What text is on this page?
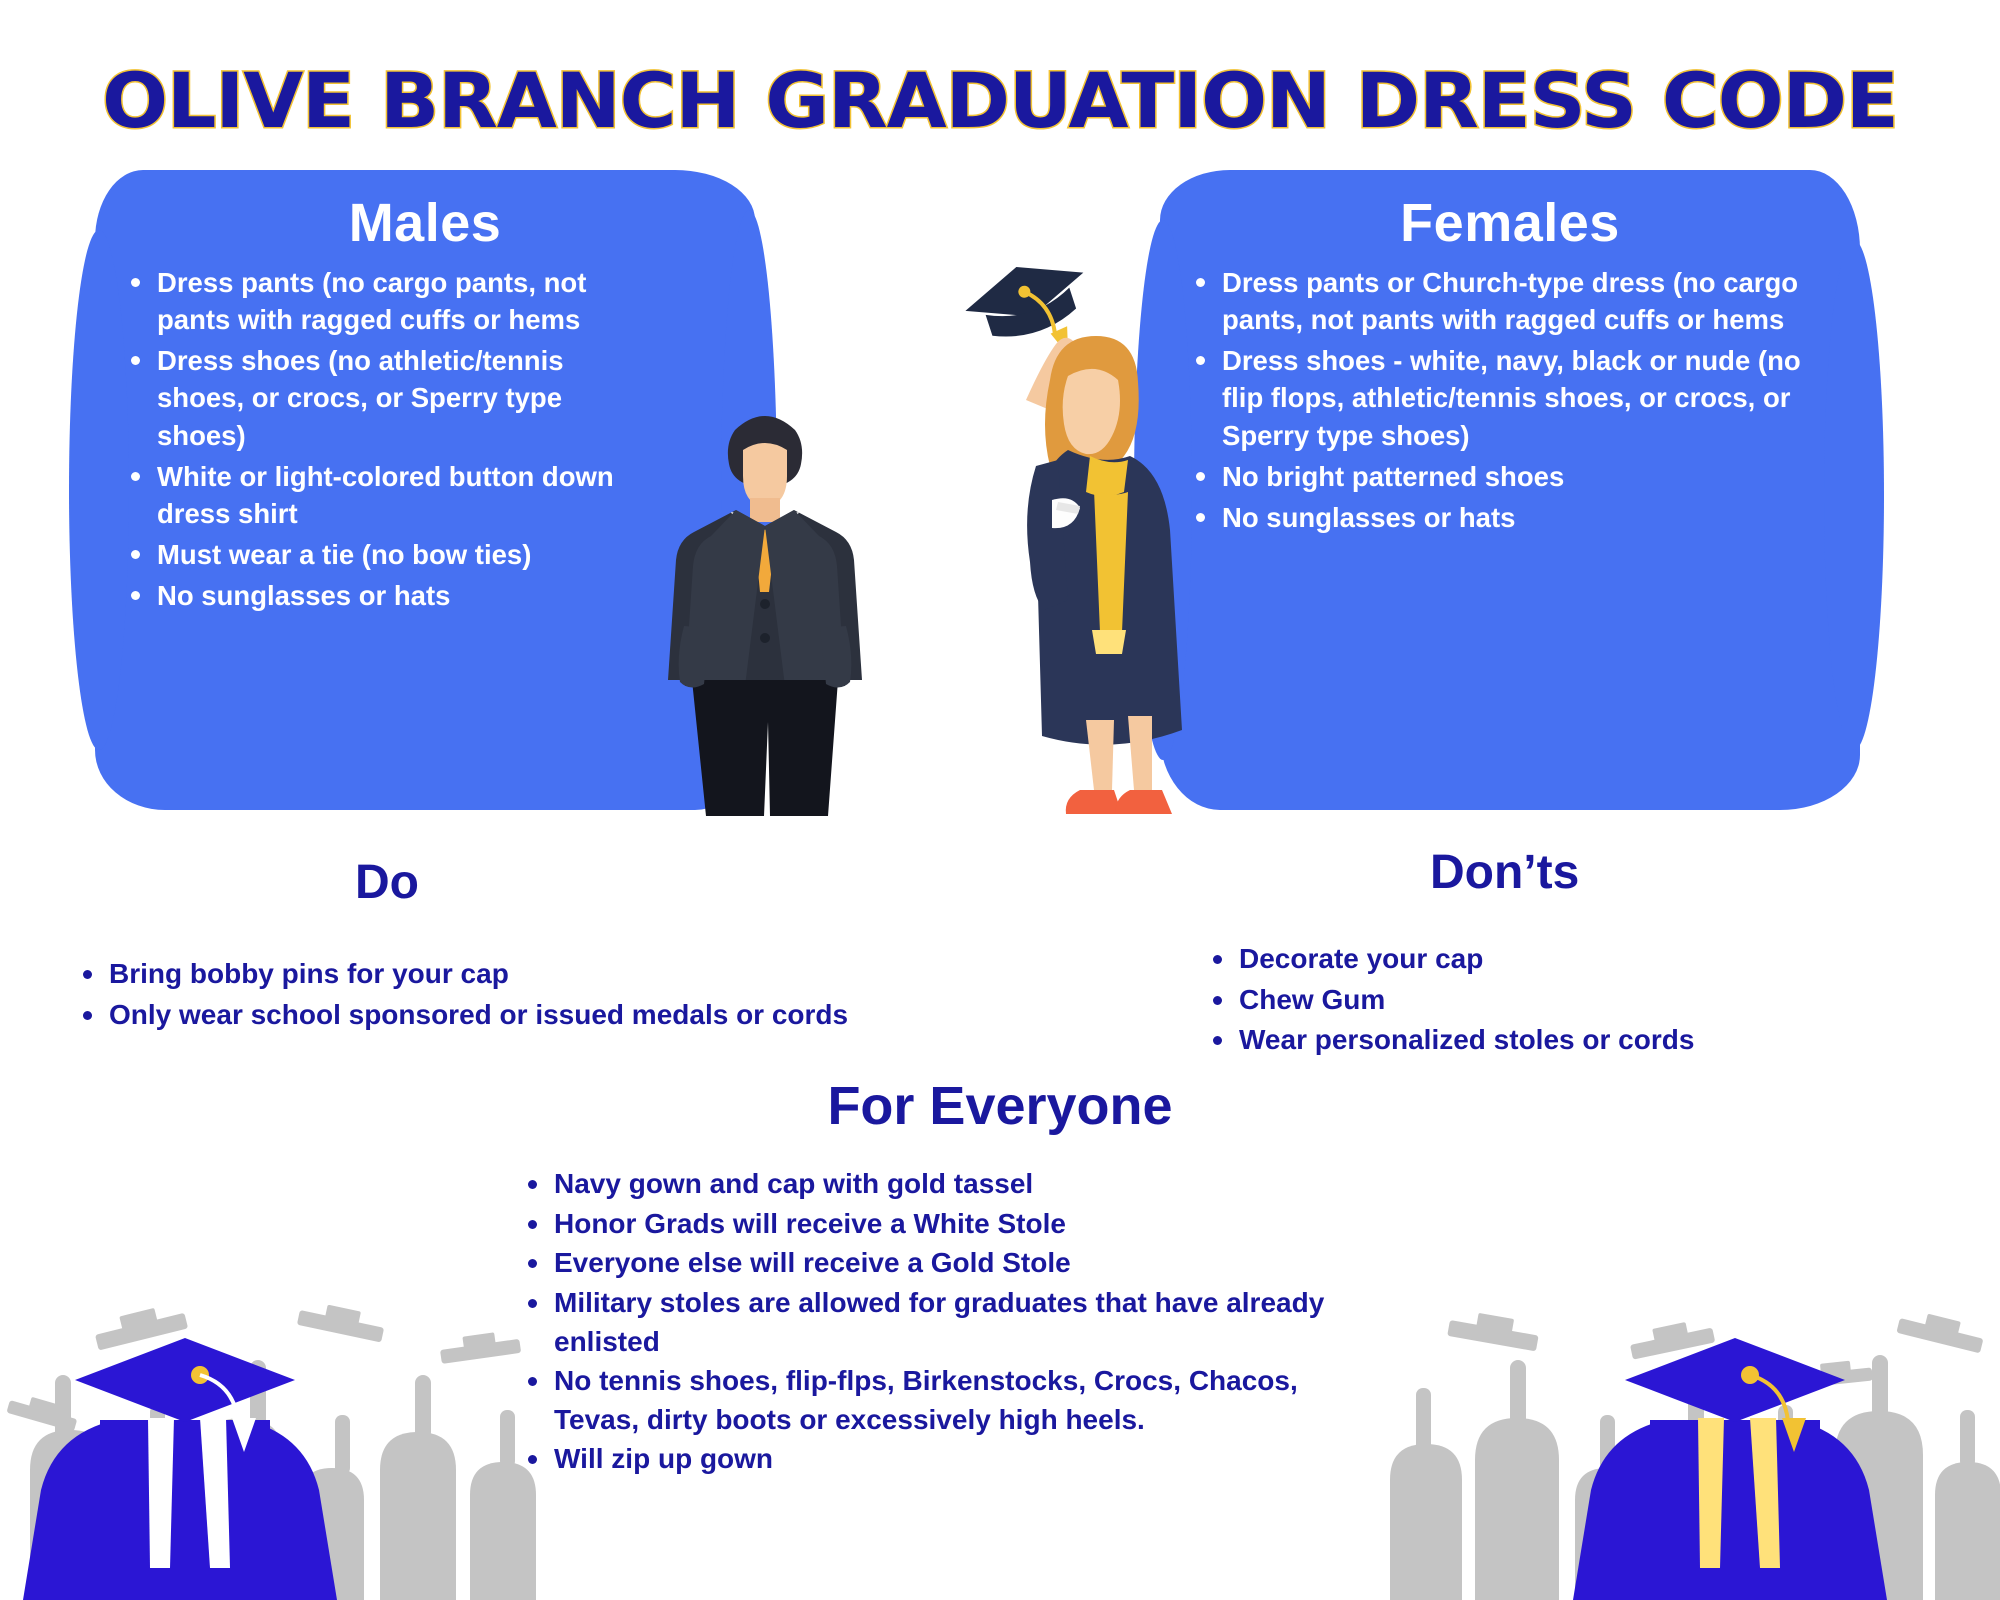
OLIVE BRANCH GRADUATION DRESS CODE
Males
Dress pants (no cargo pants, not pants with ragged cuffs or hems
Dress shoes (no athletic/tennis shoes, or crocs, or Sperry type shoes)
White or light-colored button down dress shirt
Must wear a tie (no bow ties)
No sunglasses or hats
Females
Dress pants or Church-type dress (no cargo pants, not pants with ragged cuffs or hems
Dress shoes - white, navy, black or nude (no flip flops, athletic/tennis shoes, or crocs, or Sperry type shoes)
No bright patterned shoes
No sunglasses or hats
Do
Bring bobby pins for your cap
Only wear school sponsored or issued medals or cords
Don’ts
Decorate your cap
Chew Gum
Wear personalized stoles or cords
For Everyone
Navy gown and cap with gold tassel
Honor Grads will receive a White Stole
Everyone else will receive a Gold Stole
Military stoles are allowed for graduates that have already enlisted
No tennis shoes, flip-flps, Birkenstocks, Crocs, Chacos, Tevas, dirty boots or excessively high heels.
Will zip up gown
